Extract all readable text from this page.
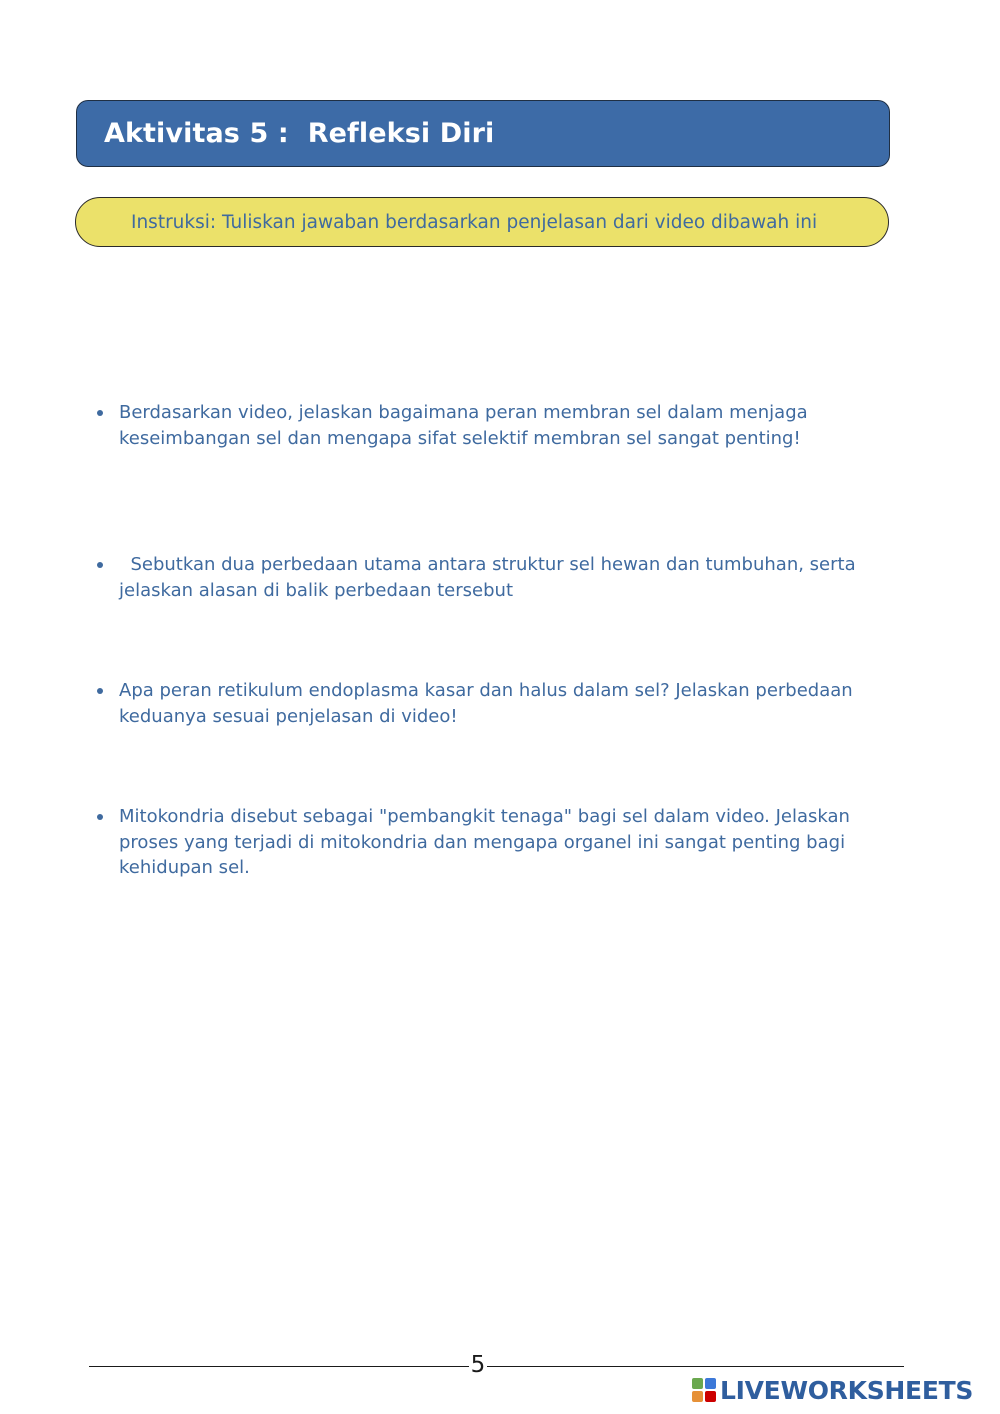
Aktivitas 5 :  Refleksi Diri
Instruksi: Tuliskan jawaban berdasarkan penjelasan dari video dibawah ini
Berdasarkan video, jelaskan bagaimana peran membran sel dalam menjaga keseimbangan sel dan mengapa sifat selektif membran sel sangat penting!
Sebutkan dua perbedaan utama antara struktur sel hewan dan tumbuhan, serta jelaskan alasan di balik perbedaan tersebut
Apa peran retikulum endoplasma kasar dan halus dalam sel? Jelaskan perbedaan keduanya sesuai penjelasan di video!
Mitokondria disebut sebagai "pembangkit tenaga" bagi sel dalam video. Jelaskan proses yang terjadi di mitokondria dan mengapa organel ini sangat penting bagi kehidupan sel.
5
LIVEWORKSHEETS
